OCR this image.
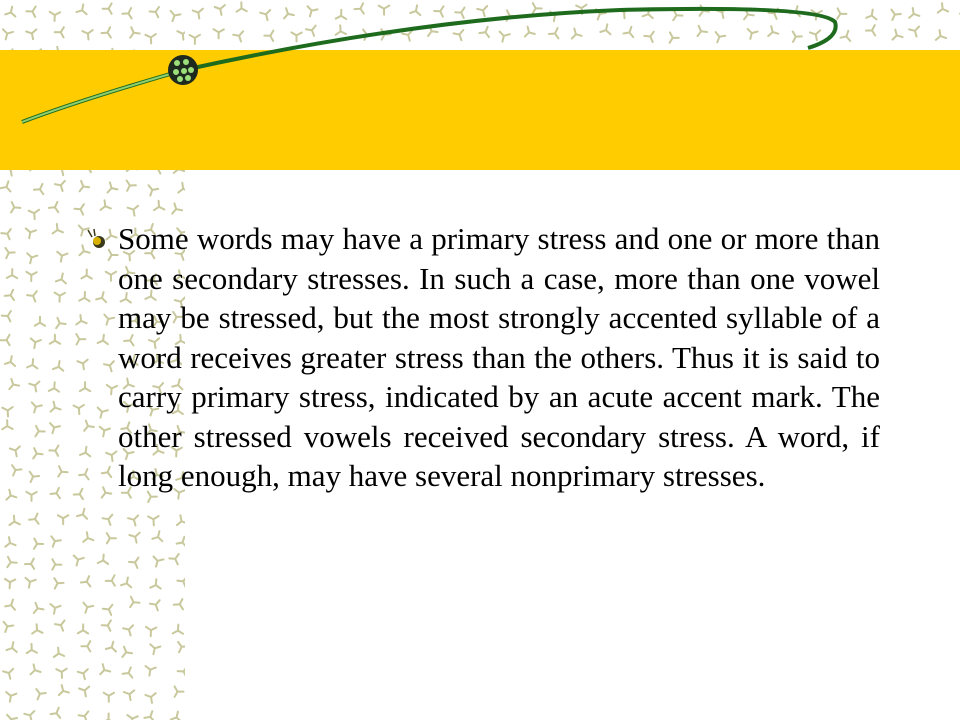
Some words may have a primary stress and one or more than one secondary stresses. In such a case, more than one vowel may be stressed, but the most strongly accented syllable of a word receives greater stress than the others. Thus it is said to carry primary stress, indicated by an acute accent mark. The other stressed vowels received secondary stress. A word, if long enough, may have several nonprimary stresses.
